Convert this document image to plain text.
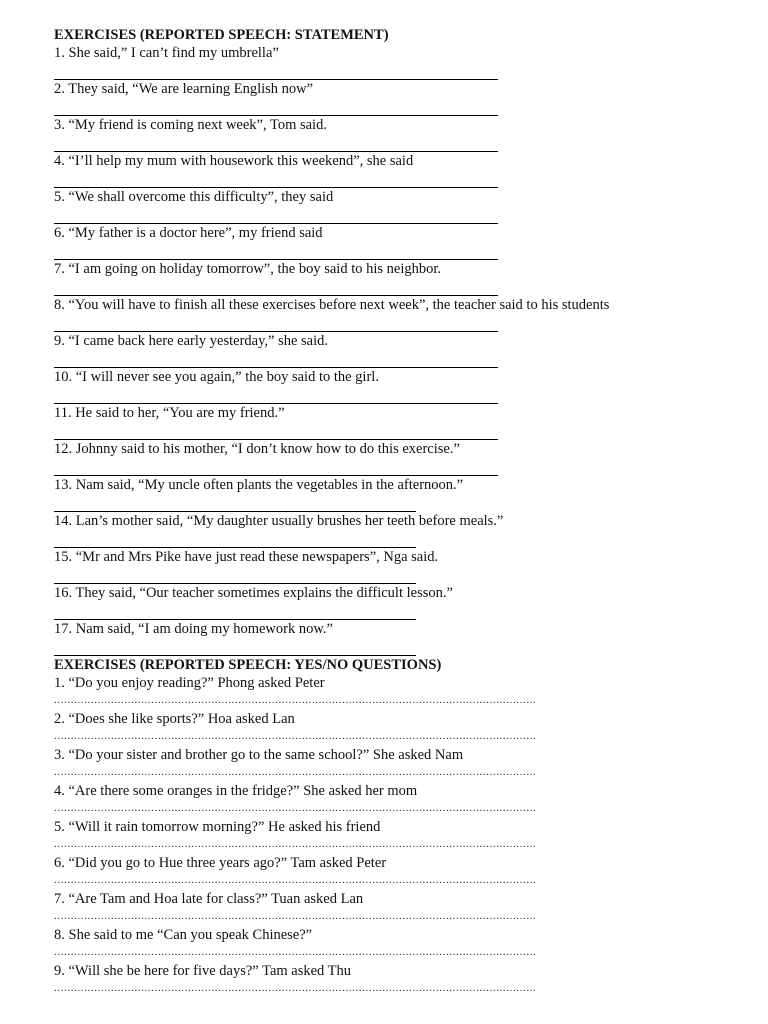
EXERCISES (REPORTED SPEECH: STATEMENT)
1. She said,” I can’t find my umbrella”
2. They said, “We are learning English now”
3. “My friend is coming next week”, Tom said.
4. “I’ll help my mum with housework this weekend”, she said
5. “We shall overcome this difficulty”, they said
6. “My father is a doctor here”, my friend said
7. “I am going on holiday tomorrow”, the boy said to his neighbor.
8. “You will have to finish all these exercises before next week”, the teacher said to his students
9. “I came back here early yesterday,” she said.
10. “I will never see you again,” the boy said to the girl.
11. He said to her, “You are my friend.”
12. Johnny said to his mother, “I don’t know how to do this exercise.”
13. Nam said, “My uncle often plants the vegetables in the afternoon.”
14. Lan’s mother said, “My daughter usually brushes her teeth before meals.”
15. “Mr and Mrs Pike have just read these newspapers”, Nga said.
16. They said, “Our teacher sometimes explains the difficult lesson.”
17. Nam said, “I am doing my homework now.”
EXERCISES (REPORTED SPEECH: YES/NO QUESTIONS)
1. “Do you enjoy reading?” Phong asked Peter
................................................................................................................................................
2. “Does she like sports?” Hoa asked Lan
................................................................................................................................................
3. “Do your sister and brother go to the same school?” She asked Nam
................................................................................................................................................
4. “Are there some oranges in the fridge?” She asked her mom
................................................................................................................................................
5. “Will it rain tomorrow morning?” He asked his friend
................................................................................................................................................
6. “Did you go to Hue three years ago?” Tam asked Peter
................................................................................................................................................
7. “Are Tam and Hoa late for class?” Tuan asked Lan
................................................................................................................................................
8. She said to me “Can you speak Chinese?”
................................................................................................................................................
9. “Will she be here for five days?” Tam asked Thu
................................................................................................................................................
